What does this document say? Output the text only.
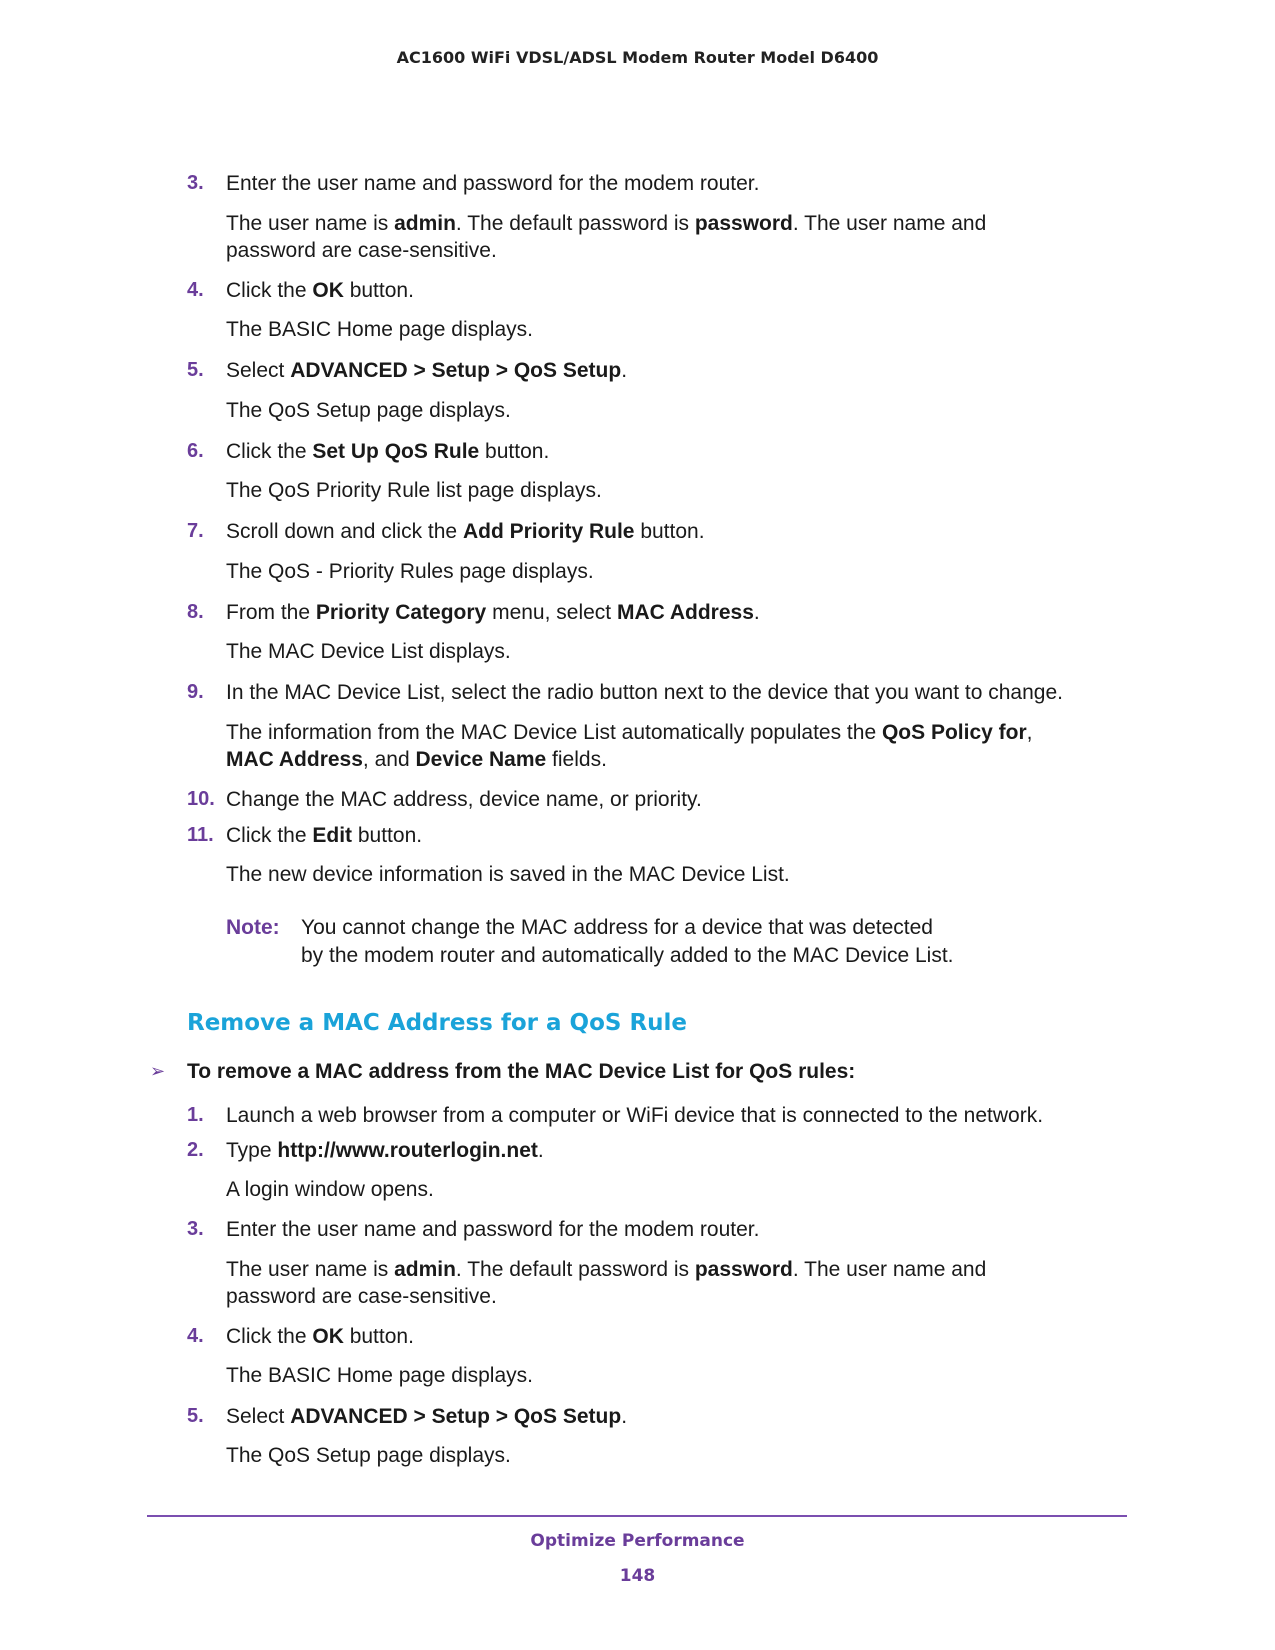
AC1600 WiFi VDSL/ADSL Modem Router Model D6400
3. Enter the user name and password for the modem router.
The user name is admin. The default password is password. The user name and
password are case-sensitive.
4. Click the OK button.
The BASIC Home page displays.
5. Select ADVANCED > Setup > QoS Setup.
The QoS Setup page displays.
6. Click the Set Up QoS Rule button.
The QoS Priority Rule list page displays.
7. Scroll down and click the Add Priority Rule button.
The QoS - Priority Rules page displays.
8. From the Priority Category menu, select MAC Address.
The MAC Device List displays.
9. In the MAC Device List, select the radio button next to the device that you want to change.
The information from the MAC Device List automatically populates the QoS Policy for,
MAC Address, and Device Name fields.
10. Change the MAC address, device name, or priority.
11. Click the Edit button.
The new device information is saved in the MAC Device List.
Note: You cannot change the MAC address for a device that was detected
by the modem router and automatically added to the MAC Device List.
Remove a MAC Address for a QoS Rule
➢ To remove a MAC address from the MAC Device List for QoS rules:
1. Launch a web browser from a computer or WiFi device that is connected to the network.
2. Type http://www.routerlogin.net.
A login window opens.
3. Enter the user name and password for the modem router.
The user name is admin. The default password is password. The user name and
password are case-sensitive.
4. Click the OK button.
The BASIC Home page displays.
5. Select ADVANCED > Setup > QoS Setup.
The QoS Setup page displays.
Optimize Performance
148
